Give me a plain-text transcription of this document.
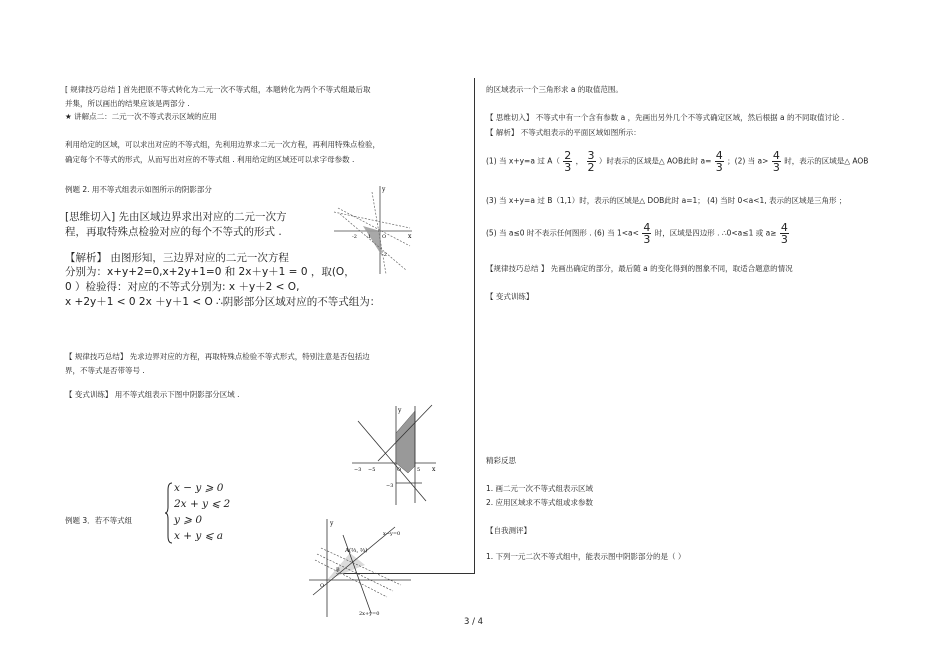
[ 规律技巧总结 ] 首先把原不等式转化为二元一次不等式组，本题转化为两个不等式组最后取
并集，所以画出的结果应该是两部分 .
★ 讲解点二：二元一次不等式表示区域的应用
利用给定的区域，可以求出对应的不等式组，先利用边界求二元一次方程，再利用特殊点检验，
确定每个不等式的形式，从而写出对应的不等式组 . 利用给定的区域还可以求字母参数 .
例题 2. 用不等式组表示如图所示的阴影部分
[思维切入] 先由区域边界求出对应的二元一次方
程，再取特殊点检验对应的每个不等式的形式 .
【解析】 由图形知，三边界对应的二元一次方程
分别为：x+y+2=0,x+2y+1=0 和 2x＋y＋1 = 0 ，取(O，
0 ）检验得：对应的不等式分别为: x ＋y＋2 < O,
x +2y＋1 < 0 2x ＋y＋1 < O ∴阴影部分区域对应的不等式组为：
y
x
O
-1
-2
-2
【 规律技巧总结】 先求边界对应的方程，再取特殊点检验不等式形式，特别注意是否包括边
界，不等式是否带等号 .
【 变式训练】 用不等式组表示下图中阴影部分区域 .
y
x
O
−5
−3	5
−3
例题 3．若不等式组
x − y ⩾ 0
2x + y ⩽ 2
y ⩾ 0
x + y ⩽ a
y
O
B
A(⅔, ⅔)
x−y=0
2x+y=0
的区域表示一个三角形求 a 的取值范围。
【 思维切入】 不等式中有一个含有参数 a ，先画出另外几个不等式确定区域，然后根据 a 的不同取值讨论 .
【 解析】 不等式组表示的平面区域如图所示：
(1) 当 x+y=a 过 $A( \frac{2}{3}$ ， $\frac{3}{2}$ ）时表示的区域是△ AOB此时 $a= \frac{4}{3}$ ；(2) 当 $a> \frac{4}{3}$ 时，表示的区域是△ AOB
(3) 当 x+y=a 过 B（1,1）时，表示的区域是△ DOB此时 a=1； (4) 当时 0<a<1, 表示的区域是三角形 ；
(5) 当 a≤0 时不表示任何图形 . (6) 当 $1<a< \frac{4}{3}$ 时，区域是四边形 . ∴0<a≤1 或 $a\ge \frac{4}{3}$
【规律技巧总结 】 先画出确定的部分，最后随 a 的变化得到的图象不同，取适合题意的情况
【 变式训练】
精彩反思
1. 画二元一次不等式组表示区域
2. 应用区域求不等式组或求参数
【自我测评】
1. 下列一元二次不等式组中，能表示图中阴影部分的是（ ）
3 / 4
